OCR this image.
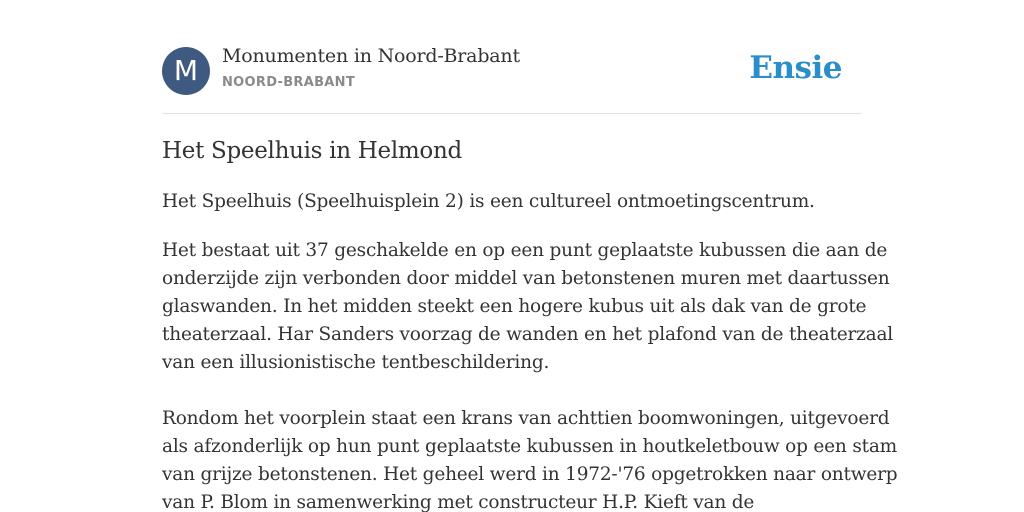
M	Monumenten in Noord-Brabant
NOORD-BRABANT	Ensie
Het Speelhuis in Helmond

Het Speelhuis (Speelhuisplein 2) is een cultureel ontmoetingscentrum.

Het bestaat uit 37 geschakelde en op een punt geplaatste kubussen die aan de
onderzijde zijn verbonden door middel van betonstenen muren met daartussen
glaswanden. In het midden steekt een hogere kubus uit als dak van de grote
theaterzaal. Har Sanders voorzag de wanden en het plafond van de theaterzaal
van een illusionistische tentbeschildering.
Rondom het voorplein staat een krans van achttien boomwoningen, uitgevoerd
als afzonderlijk op hun punt geplaatste kubussen in houtkeletbouw op een stam
van grijze betonstenen. Het geheel werd in 1972-'76 opgetrokken naar ontwerp
van P. Blom in samenwerking met constructeur H.P. Kieft van de
